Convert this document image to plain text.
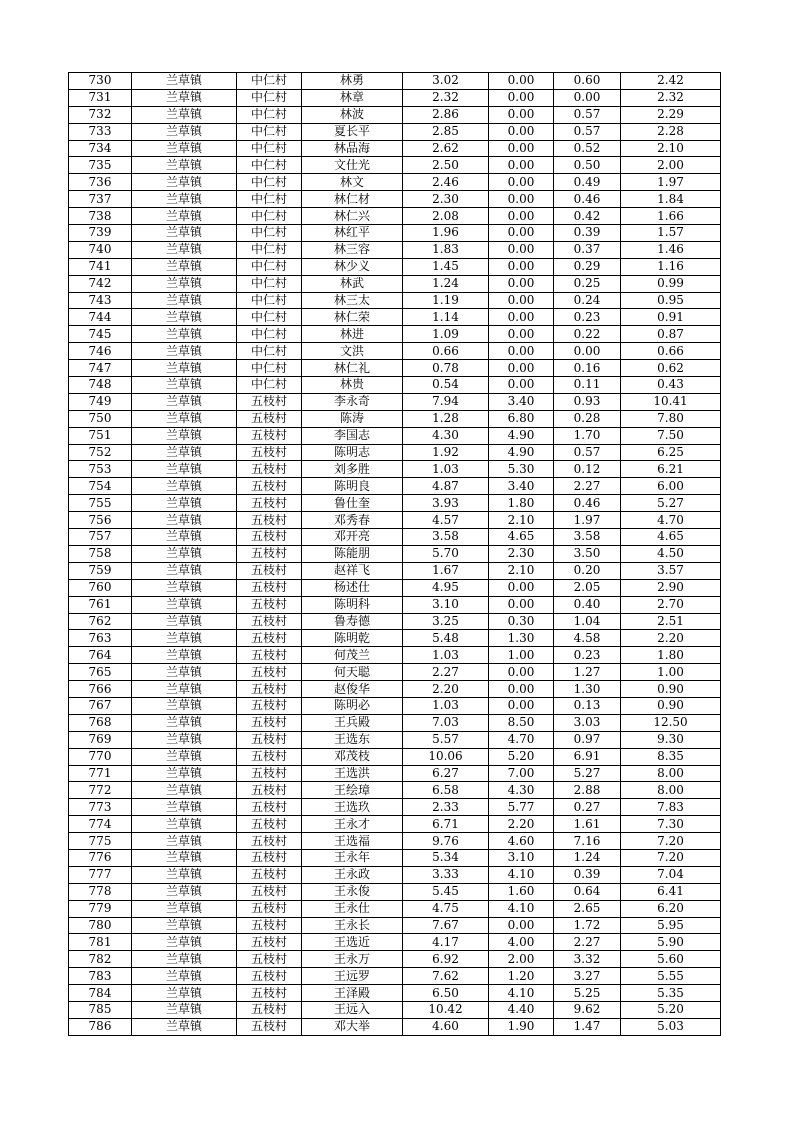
730	兰草镇	中仁村	林勇	3.02	0.00	0.60	2.42
731	兰草镇	中仁村	林章	2.32	0.00	0.00	2.32
732	兰草镇	中仁村	林波	2.86	0.00	0.57	2.29
733	兰草镇	中仁村	夏长平	2.85	0.00	0.57	2.28
734	兰草镇	中仁村	林品海	2.62	0.00	0.52	2.10
735	兰草镇	中仁村	文仕光	2.50	0.00	0.50	2.00
736	兰草镇	中仁村	林文	2.46	0.00	0.49	1.97
737	兰草镇	中仁村	林仁材	2.30	0.00	0.46	1.84
738	兰草镇	中仁村	林仁兴	2.08	0.00	0.42	1.66
739	兰草镇	中仁村	林红平	1.96	0.00	0.39	1.57
740	兰草镇	中仁村	林三容	1.83	0.00	0.37	1.46
741	兰草镇	中仁村	林少义	1.45	0.00	0.29	1.16
742	兰草镇	中仁村	林武	1.24	0.00	0.25	0.99
743	兰草镇	中仁村	林三太	1.19	0.00	0.24	0.95
744	兰草镇	中仁村	林仁荣	1.14	0.00	0.23	0.91
745	兰草镇	中仁村	林进	1.09	0.00	0.22	0.87
746	兰草镇	中仁村	文洪	0.66	0.00	0.00	0.66
747	兰草镇	中仁村	林仁礼	0.78	0.00	0.16	0.62
748	兰草镇	中仁村	林贵	0.54	0.00	0.11	0.43
749	兰草镇	五枝村	李永奇	7.94	3.40	0.93	10.41
750	兰草镇	五枝村	陈涛	1.28	6.80	0.28	7.80
751	兰草镇	五枝村	李国志	4.30	4.90	1.70	7.50
752	兰草镇	五枝村	陈明志	1.92	4.90	0.57	6.25
753	兰草镇	五枝村	刘多胜	1.03	5.30	0.12	6.21
754	兰草镇	五枝村	陈明良	4.87	3.40	2.27	6.00
755	兰草镇	五枝村	鲁仕奎	3.93	1.80	0.46	5.27
756	兰草镇	五枝村	邓秀春	4.57	2.10	1.97	4.70
757	兰草镇	五枝村	邓开亮	3.58	4.65	3.58	4.65
758	兰草镇	五枝村	陈能朋	5.70	2.30	3.50	4.50
759	兰草镇	五枝村	赵祥飞	1.67	2.10	0.20	3.57
760	兰草镇	五枝村	杨述仕	4.95	0.00	2.05	2.90
761	兰草镇	五枝村	陈明科	3.10	0.00	0.40	2.70
762	兰草镇	五枝村	鲁寿德	3.25	0.30	1.04	2.51
763	兰草镇	五枝村	陈明乾	5.48	1.30	4.58	2.20
764	兰草镇	五枝村	何茂兰	1.03	1.00	0.23	1.80
765	兰草镇	五枝村	何天聪	2.27	0.00	1.27	1.00
766	兰草镇	五枝村	赵俊华	2.20	0.00	1.30	0.90
767	兰草镇	五枝村	陈明必	1.03	0.00	0.13	0.90
768	兰草镇	五枝村	王兵殿	7.03	8.50	3.03	12.50
769	兰草镇	五枝村	王选东	5.57	4.70	0.97	9.30
770	兰草镇	五枝村	邓茂枝	10.06	5.20	6.91	8.35
771	兰草镇	五枝村	王选洪	6.27	7.00	5.27	8.00
772	兰草镇	五枝村	王绘璋	6.58	4.30	2.88	8.00
773	兰草镇	五枝村	王选玖	2.33	5.77	0.27	7.83
774	兰草镇	五枝村	王永才	6.71	2.20	1.61	7.30
775	兰草镇	五枝村	王选福	9.76	4.60	7.16	7.20
776	兰草镇	五枝村	王永年	5.34	3.10	1.24	7.20
777	兰草镇	五枝村	王永政	3.33	4.10	0.39	7.04
778	兰草镇	五枝村	王永俊	5.45	1.60	0.64	6.41
779	兰草镇	五枝村	王永仕	4.75	4.10	2.65	6.20
780	兰草镇	五枝村	王永长	7.67	0.00	1.72	5.95
781	兰草镇	五枝村	王选近	4.17	4.00	2.27	5.90
782	兰草镇	五枝村	王永万	6.92	2.00	3.32	5.60
783	兰草镇	五枝村	王远罗	7.62	1.20	3.27	5.55
784	兰草镇	五枝村	王泽殿	6.50	4.10	5.25	5.35
785	兰草镇	五枝村	王远入	10.42	4.40	9.62	5.20
786	兰草镇	五枝村	邓大举	4.60	1.90	1.47	5.03
